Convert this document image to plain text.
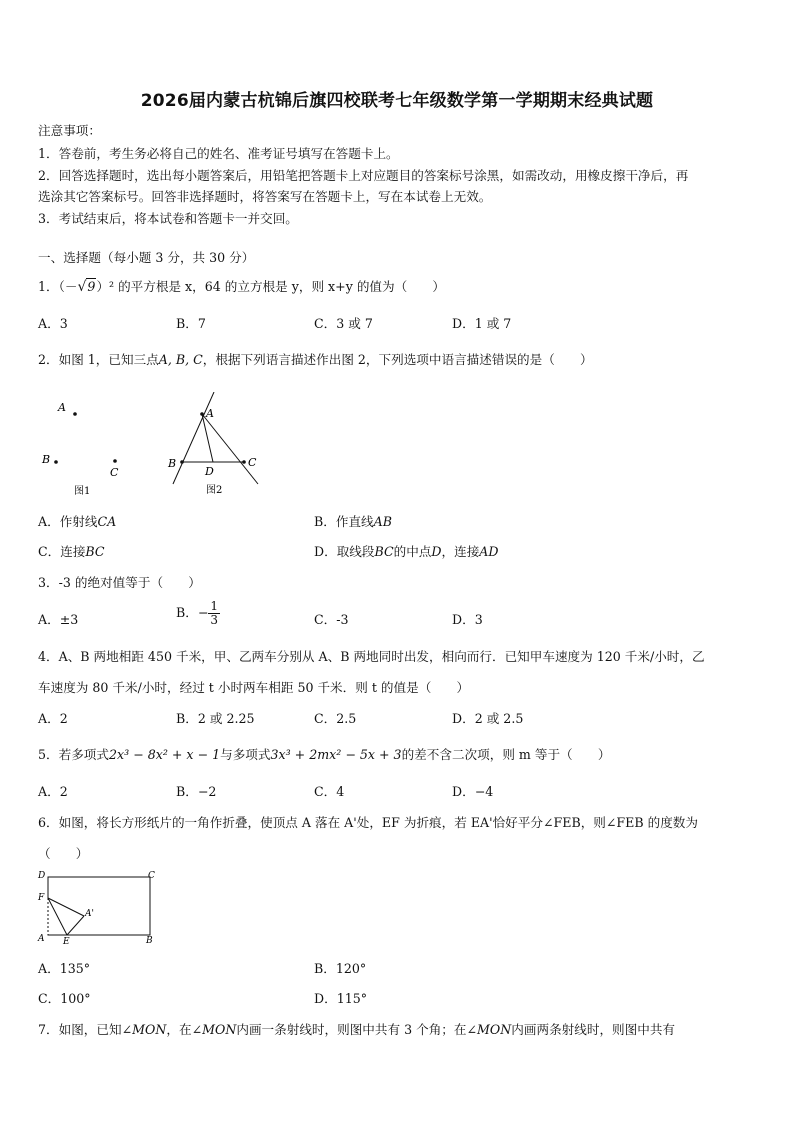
2026届内蒙古杭锦后旗四校联考七年级数学第一学期期末经典试题
注意事项：
1．答卷前，考生务必将自己的姓名、准考证号填写在答题卡上。
2．回答选择题时，选出每小题答案后，用铅笔把答题卡上对应题目的答案标号涂黑，如需改动，用橡皮擦干净后，再
选涂其它答案标号。回答非选择题时，将答案写在答题卡上，写在本试卷上无效。
3．考试结束后，将本试卷和答题卡一并交回。
一、选择题（每小题 3 分，共 30 分）
1．（－√9）² 的平方根是 x，64 的立方根是 y，则 x+y 的值为（　　）
A．3	B．7	C．3 或 7	D．1 或 7
2．如图 1，已知三点A, B, C，根据下列语言描述作出图 2，下列选项中语言描述错误的是（　　）
A
B
C
图1
A
B	C
D
图2
A．作射线CA	B．作直线AB
C．连接BC	D．取线段BC的中点D，连接AD
3．-3 的绝对值等于（　　）
A．±3	B．− $\frac{1}{3}$	C．-3	D．3
4．A、B 两地相距 450 千米，甲、乙两车分别从 A、B 两地同时出发，相向而行．已知甲车速度为 120 千米/小时，乙
车速度为 80 千米/小时，经过 t 小时两车相距 50 千米．则 t 的值是（　　）
A．2	B．2 或 2.25	C．2.5	D．2 或 2.5
5．若多项式2x³ − 8x² + x − 1与多项式3x³ + 2mx² − 5x + 3的差不含二次项，则 m 等于（　　）
A．2	B．−2	C．4	D．−4
6．如图，将长方形纸片的一角作折叠，使顶点 A 落在 A'处，EF 为折痕，若 EA'恰好平分∠FEB，则∠FEB 的度数为
（　　）
D	C
F
A'
A E	B
A．135°	B．120°
C．100°	D．115°
7．如图，已知∠MON，在∠MON内画一条射线时，则图中共有 3 个角；在∠MON内画两条射线时，则图中共有
